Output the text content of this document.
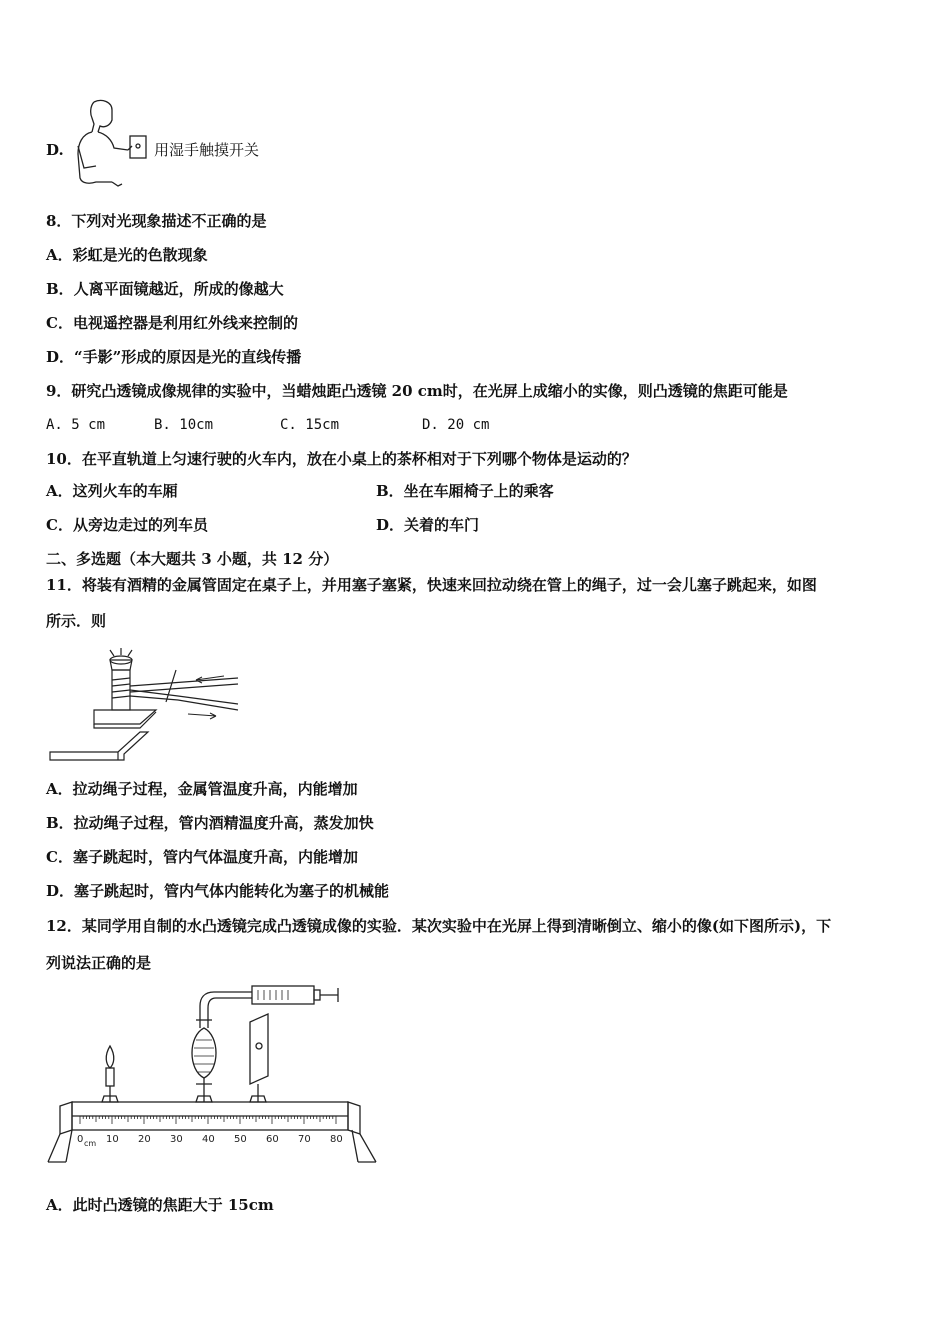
D.	用湿手触摸开关
8．下列对光现象描述不正确的是
A．彩虹是光的色散现象
B．人离平面镜越近，所成的像越大
C．电视遥控器是利用红外线来控制的
D．“手影”形成的原因是光的直线传播
9．研究凸透镜成像规律的实验中，当蜡烛距凸透镜 20 cm时，在光屏上成缩小的实像，则凸透镜的焦距可能是
A. 5 cm	B. 10cm	C. 15cm	D. 20 cm
10．在平直轨道上匀速行驶的火车内，放在小桌上的茶杯相对于下列哪个物体是运动的？
A．这列火车的车厢	B．坐在车厢椅子上的乘客
C．从旁边走过的列车员	D．关着的车门
二、多选题（本大题共 3 小题，共 12 分）
11．将装有酒精的金属管固定在桌子上，并用塞子塞紧，快速来回拉动绕在管上的绳子，过一会儿塞子跳起来，如图
所示．则
A．拉动绳子过程，金属管温度升高，内能增加
B．拉动绳子过程，管内酒精温度升高，蒸发加快
C．塞子跳起时，管内气体温度升高，内能增加
D．塞子跳起时，管内气体内能转化为塞子的机械能
12．某同学用自制的水凸透镜完成凸透镜成像的实验．某次实验中在光屏上得到清晰倒立、缩小的像(如下图所示)，下
列说法正确的是
0 cm 10 20 30 40 50 60 70 80
A．此时凸透镜的焦距大于 15cm
